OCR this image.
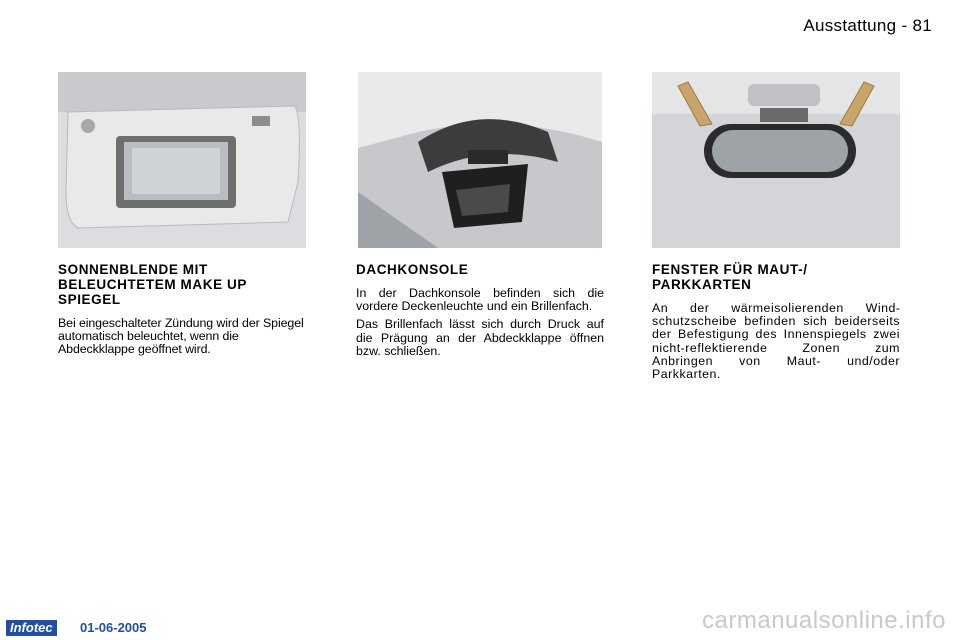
Ausstattung - 81
SONNENBLENDE MIT BELEUCHTETEM MAKE UP SPIEGEL

Bei eingeschalteter Zündung wird der Spiegel automatisch beleuchtet, wenn die Abdeckklappe geöffnet wird.

DACHKONSOLE

In der Dachkonsole befinden sich die vordere Deckenleuchte und ein Brillenfach.

Das Brillenfach lässt sich durch Druck auf die Prägung an der Abdeckklappe öffnen bzw. schließen.

FENSTER FÜR MAUT-/ PARKKARTEN

An der wärmeisolierenden Windschutzscheibe befinden sich beiderseits der Befestigung des Innenspiegels zwei nicht-reflektierende Zonen zum Anbringen von Maut- und/oder Parkkarten.

Infotec	01-06-2005	carmanualsonline.info
